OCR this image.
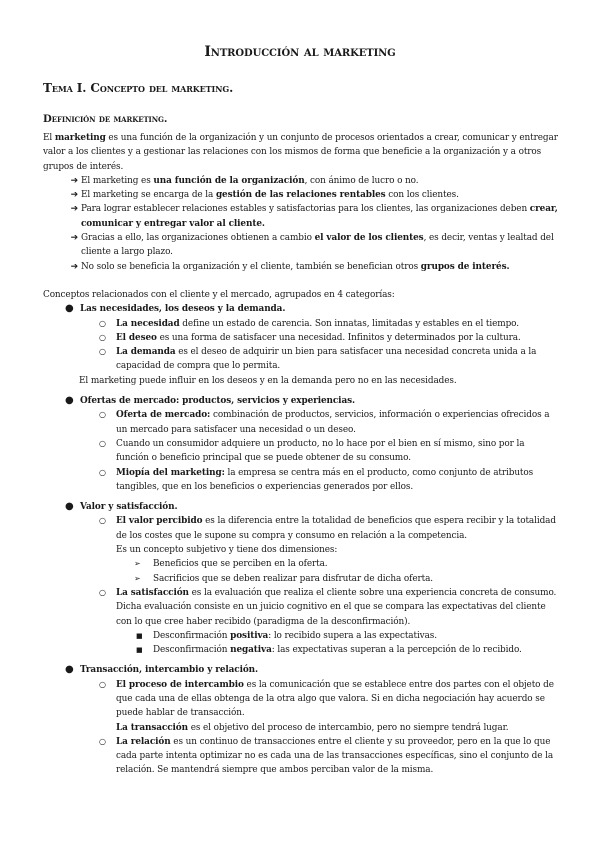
Introducción al marketing
Tema I. Concepto del marketing.
Definición de marketing.

El marketing es una función de la organización y un conjunto de procesos orientados a crear, comunicar y entregar valor a los clientes y a gestionar las relaciones con los mismos de forma que beneficie a la organización y a otros grupos de interés.

➔ El marketing es una función de la organización, con ánimo de lucro o no.
➔ El marketing se encarga de la gestión de las relaciones rentables con los clientes.
➔ Para lograr establecer relaciones estables y satisfactorias para los clientes, las organizaciones deben crear, comunicar y entregar valor al cliente.
➔ Gracias a ello, las organizaciones obtienen a cambio el valor de los clientes, es decir, ventas y lealtad del cliente a largo plazo.
➔ No solo se beneficia la organización y el cliente, también se benefician otros grupos de interés.

Conceptos relacionados con el cliente y el mercado, agrupados en 4 categorías:

● Las necesidades, los deseos y la demanda.
○ La necesidad define un estado de carencia. Son innatas, limitadas y estables en el tiempo.
○ El deseo es una forma de satisfacer una necesidad. Infinitos y determinados por la cultura.
○ La demanda es el deseo de adquirir un bien para satisfacer una necesidad concreta unida a la capacidad de compra que lo permita.

El marketing puede influir en los deseos y en la demanda pero no en las necesidades.

● Ofertas de mercado: productos, servicios y experiencias.
○ Oferta de mercado: combinación de productos, servicios, información o experiencias ofrecidos a un mercado para satisfacer una necesidad o un deseo.
○ Cuando un consumidor adquiere un producto, no lo hace por el bien en sí mismo, sino por la función o beneficio principal que se puede obtener de su consumo.
○ Miopía del marketing: la empresa se centra más en el producto, como conjunto de atributos tangibles, que en los beneficios o experiencias generados por ellos.
● Valor y satisfacción.
○ El valor percibido es la diferencia entre la totalidad de beneficios que espera recibir y la totalidad de los costes que le supone su compra y consumo en relación a la competencia.

Es un concepto subjetivo y tiene dos dimensiones:

➢ Beneficios que se perciben en la oferta.
➢ Sacrificios que se deben realizar para disfrutar de dicha oferta.
○ La satisfacción es la evaluación que realiza el cliente sobre una experiencia concreta de consumo. Dicha evaluación consiste en un juicio cognitivo en el que se compara las expectativas del cliente con lo que cree haber recibido (paradigma de la desconfirmación).
■ Desconfirmación positiva: lo recibido supera a las expectativas.
■ Desconfirmación negativa: las expectativas superan a la percepción de lo recibido.
● Transacción, intercambio y relación.
○ El proceso de intercambio es la comunicación que se establece entre dos partes con el objeto de que cada una de ellas obtenga de la otra algo que valora. Si en dicha negociación hay acuerdo se puede hablar de transacción.

La transacción es el objetivo del proceso de intercambio, pero no siempre tendrá lugar.

○ La relación es un continuo de transacciones entre el cliente y su proveedor, pero en la que lo que cada parte intenta optimizar no es cada una de las transacciones específicas, sino el conjunto de la relación. Se mantendrá siempre que ambos perciban valor de la misma.
